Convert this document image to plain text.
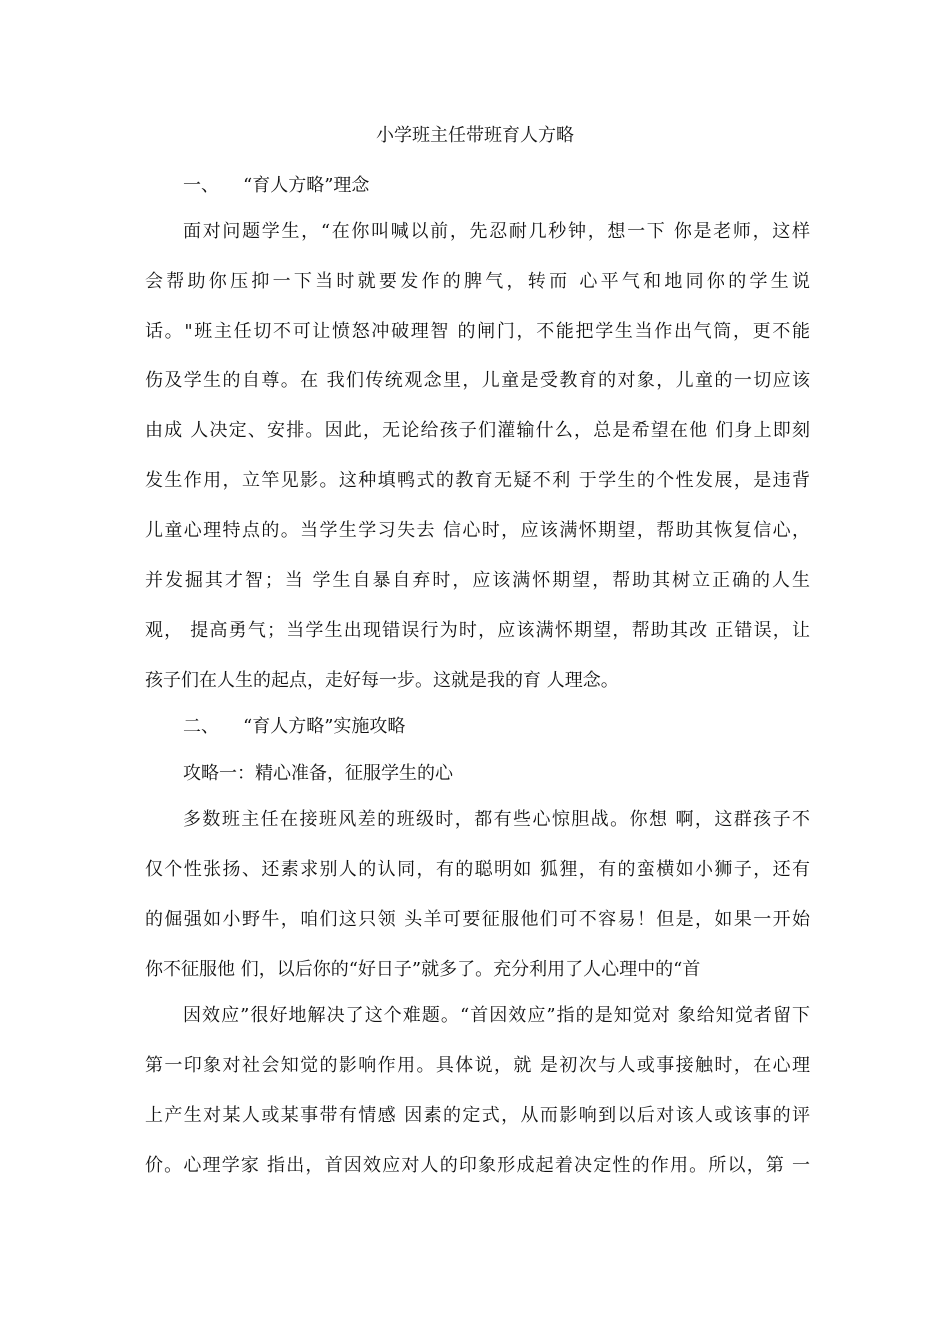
小学班主任带班育人方略
一、 “育人方略”理念
面对问题学生，“在你叫喊以前，先忍耐几秒钟，想一下 你是老师，这样
会帮助你压抑一下当时就要发作的脾气，转而 心平气和地同你的学生说
话。"班主任切不可让愤怒冲破理智 的闸门，不能把学生当作出气筒，更不能
伤及学生的自尊。在 我们传统观念里，儿童是受教育的对象，儿童的一切应该
由成 人决定、安排。因此，无论给孩子们灌输什么，总是希望在他 们身上即刻
发生作用，立竿见影。这种填鸭式的教育无疑不利 于学生的个性发展，是违背
儿童心理特点的。当学生学习失去 信心时，应该满怀期望，帮助其恢复信心，
并发掘其才智；当 学生自暴自弃时，应该满怀期望，帮助其树立正确的人生
观， 提高勇气；当学生出现错误行为时，应该满怀期望，帮助其改 正错误，让
孩子们在人生的起点，走好每一步。这就是我的育 人理念。
二、 “育人方略”实施攻略
攻略一：精心准备，征服学生的心
多数班主任在接班风差的班级时，都有些心惊胆战。你想 啊，这群孩子不
仅个性张扬、还素求别人的认同，有的聪明如 狐狸，有的蛮横如小狮子，还有
的倔强如小野牛，咱们这只领 头羊可要征服他们可不容易！但是，如果一开始
你不征服他 们，以后你的“好日子”就多了。充分利用了人心理中的“首
因效应”很好地解决了这个难题。“首因效应”指的是知觉对 象给知觉者留下
第一印象对社会知觉的影响作用。具体说，就 是初次与人或事接触时，在心理
上产生对某人或某事带有情感 因素的定式，从而影响到以后对该人或该事的评
价。心理学家 指出，首因效应对人的印象形成起着决定性的作用。所以，第 一
